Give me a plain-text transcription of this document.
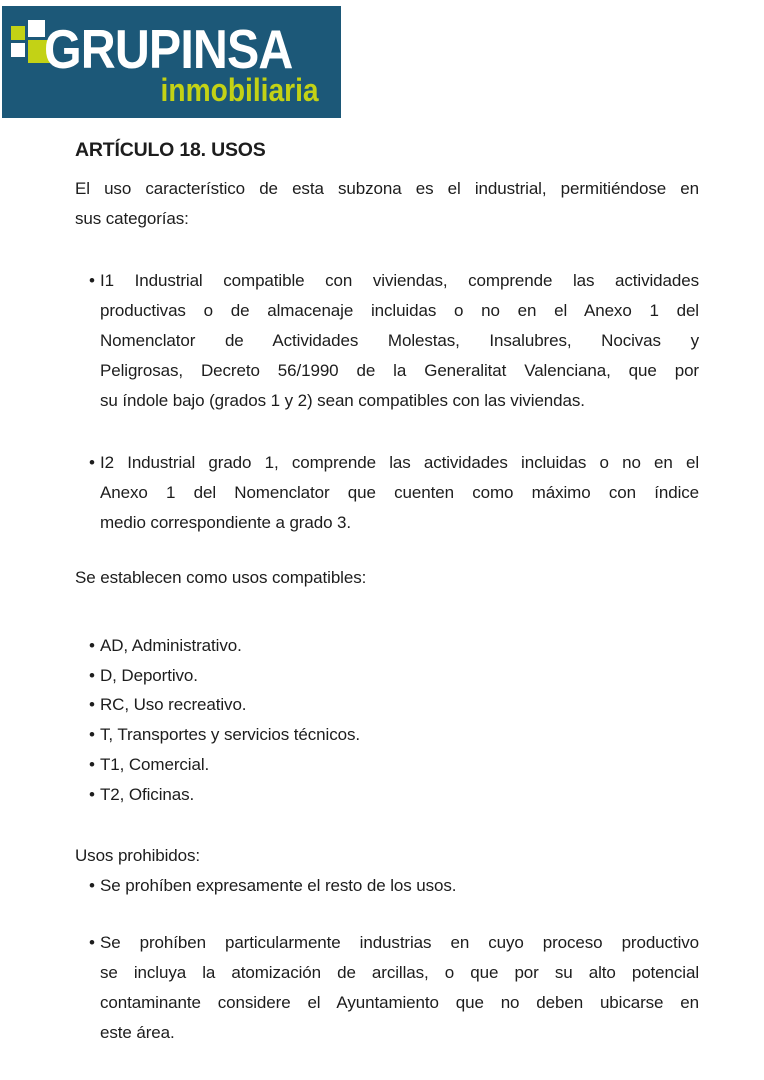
GRUPINSA
inmobiliaria
ARTÍCULO 18. USOS
El uso característico de esta subzona es el industrial, permitiéndose en
sus categorías:
• I1 Industrial compatible con viviendas, comprende las actividades
productivas o de almacenaje incluidas o no en el Anexo 1 del
Nomenclator de Actividades Molestas, Insalubres, Nocivas y
Peligrosas, Decreto 56/1990 de la Generalitat Valenciana, que por
su índole bajo (grados 1 y 2) sean compatibles con las viviendas.
• I2 Industrial grado 1, comprende las actividades incluidas o no en el
Anexo 1 del Nomenclator que cuenten como máximo con índice
medio correspondiente a grado 3.
Se establecen como usos compatibles:
• AD, Administrativo.
• D, Deportivo.
• RC, Uso recreativo.
• T, Transportes y servicios técnicos.
• T1, Comercial.
• T2, Oficinas.
Usos prohibidos:
• Se prohíben expresamente el resto de los usos.
• Se prohíben particularmente industrias en cuyo proceso productivo
se incluya la atomización de arcillas, o que por su alto potencial
contaminante considere el Ayuntamiento que no deben ubicarse en
este área.
